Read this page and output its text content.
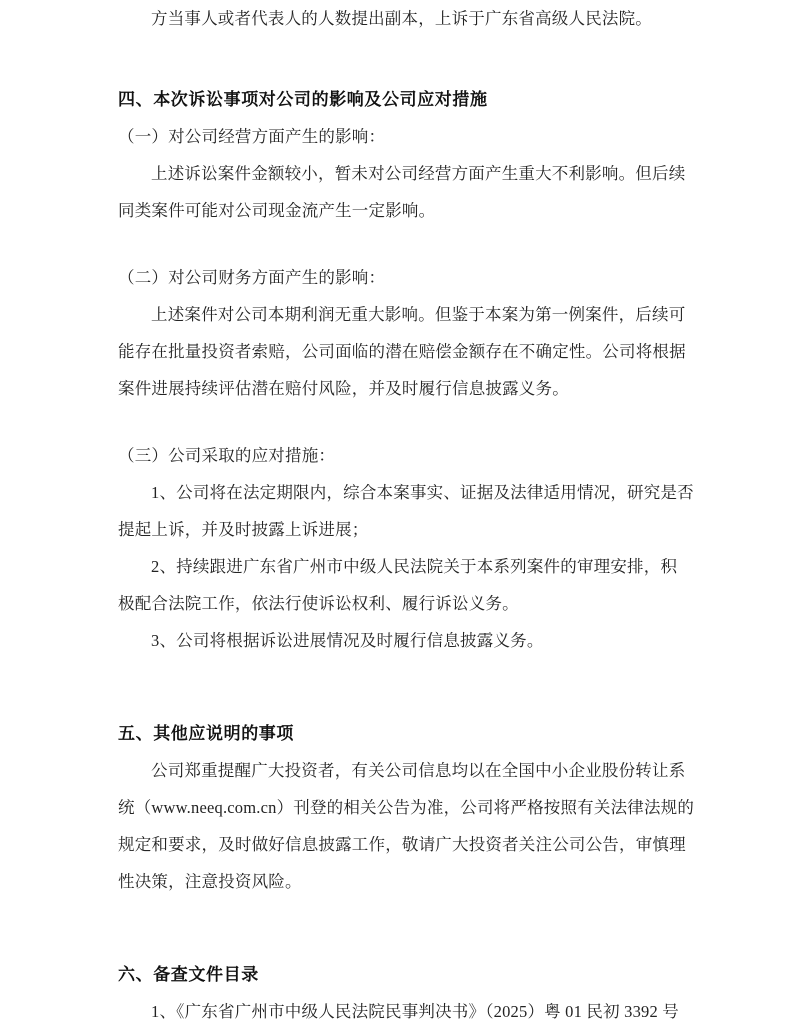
方当事人或者代表人的人数提出副本，上诉于广东省高级人民法院。
四、本次诉讼事项对公司的影响及公司应对措施
（一）对公司经营方面产生的影响：
上述诉讼案件金额较小，暂未对公司经营方面产生重大不利影响。但后续
同类案件可能对公司现金流产生一定影响。
（二）对公司财务方面产生的影响：
上述案件对公司本期利润无重大影响。但鉴于本案为第一例案件，后续可
能存在批量投资者索赔，公司面临的潜在赔偿金额存在不确定性。公司将根据
案件进展持续评估潜在赔付风险，并及时履行信息披露义务。
（三）公司采取的应对措施：
1、公司将在法定期限内，综合本案事实、证据及法律适用情况，研究是否
提起上诉，并及时披露上诉进展；
2、持续跟进广东省广州市中级人民法院关于本系列案件的审理安排，积
极配合法院工作，依法行使诉讼权利、履行诉讼义务。
3、公司将根据诉讼进展情况及时履行信息披露义务。
五、其他应说明的事项
公司郑重提醒广大投资者，有关公司信息均以在全国中小企业股份转让系
统（www.neeq.com.cn）刊登的相关公告为准，公司将严格按照有关法律法规的
规定和要求，及时做好信息披露工作，敬请广大投资者关注公司公告，审慎理
性决策，注意投资风险。
六、备查文件目录
1、《广东省广州市中级人民法院民事判决书》（2025）粤 01 民初 3392 号
